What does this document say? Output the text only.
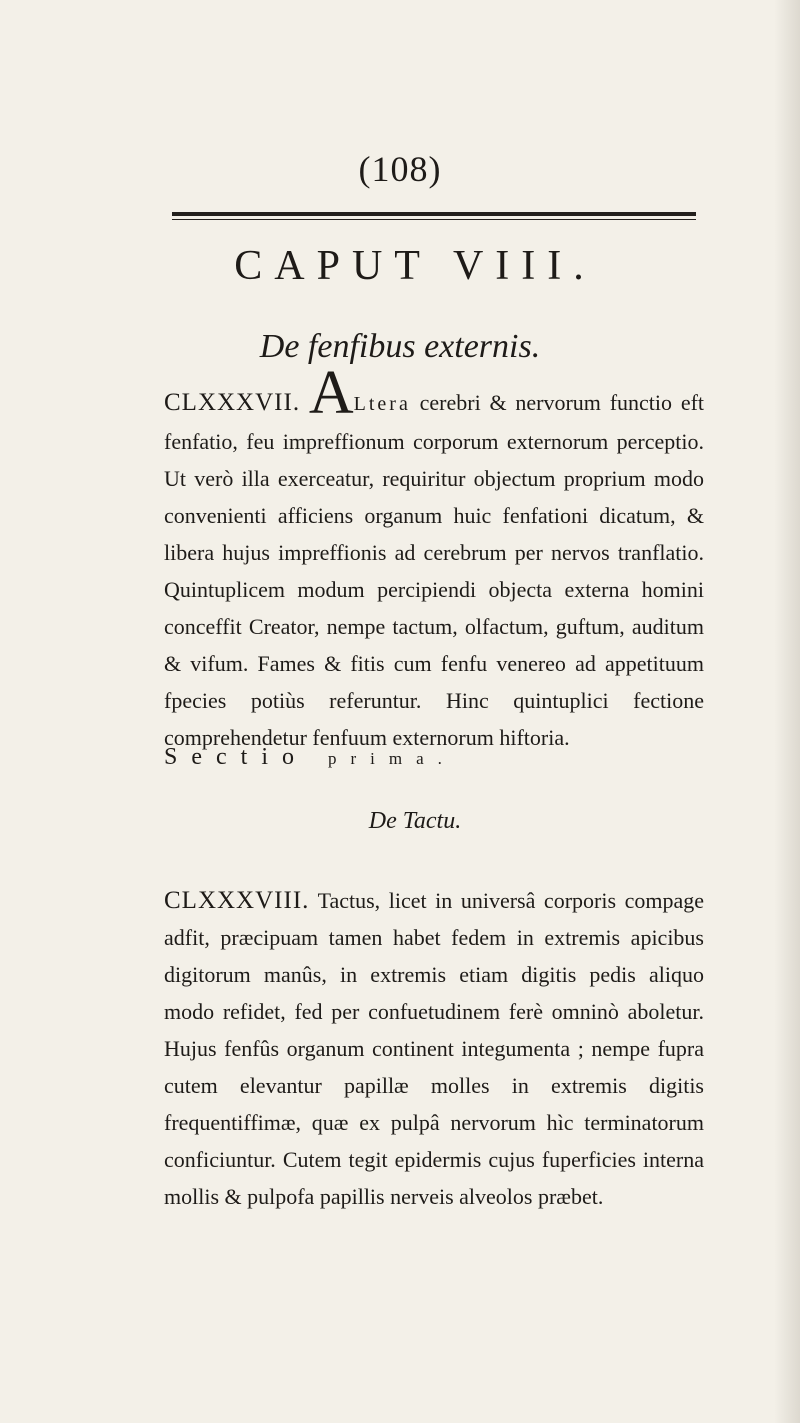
(108)
CAPUT VIII.
De fenfibus externis.
CLXXXVII. ALtera cerebri & nervorum functio eft fenfatio, feu impreffionum corporum externorum perceptio. Ut verò illa exerceatur, requiritur objectum proprium modo convenienti afficiens organum huic fenfationi dicatum, & libera hujus impreffionis ad cerebrum per nervos tranflatio. Quintuplicem modum percipiendi objecta externa homini conceffit Creator, nempe tactum, olfactum, guftum, auditum & vifum. Fames & fitis cum fenfu venereo ad appetituum fpecies potiùs referuntur. Hinc quintuplici fectione comprehendetur fenfuum externorum hiftoria.
Sectio prima.
De Tactu.
CLXXXVIII. Tactus, licet in universâ corporis compage adfit, præcipuam tamen habet fedem in extremis apicibus digitorum manûs, in extremis etiam digitis pedis aliquo modo refidet, fed per confuetudinem ferè omninò aboletur. Hujus fenfûs organum continent integumenta ; nempe fupra cutem elevantur papillæ molles in extremis digitis frequentiffimæ, quæ ex pulpâ nervorum hìc terminatorum conficiuntur. Cutem tegit epidermis cujus fuperficies interna mollis & pulpofa papillis nerveis alveolos præbet.
